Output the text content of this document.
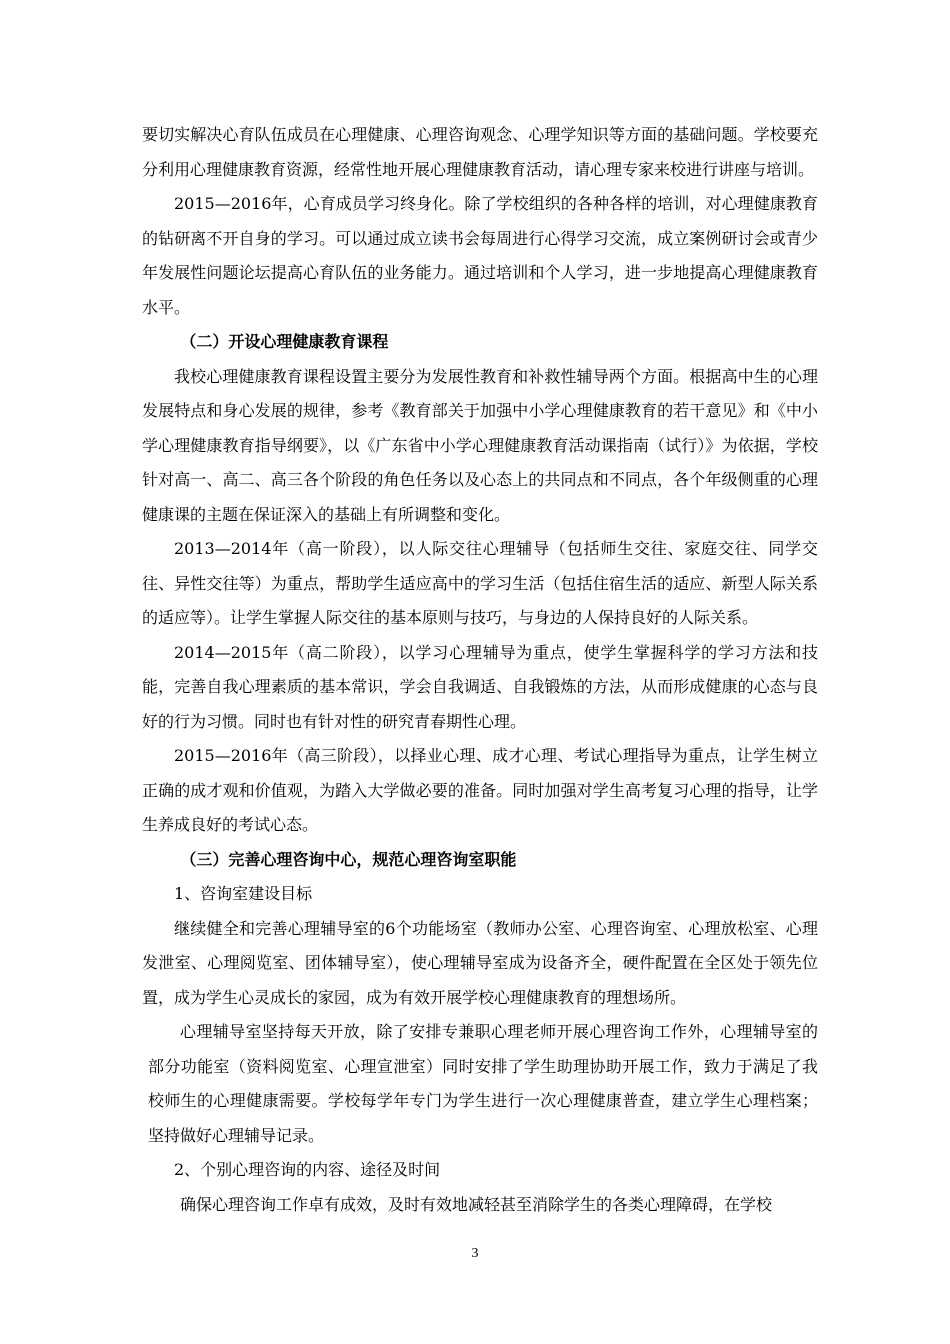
要切实解决心育队伍成员在心理健康、心理咨询观念、心理学知识等方面的基础问题。学校要充分利用心理健康教育资源，经常性地开展心理健康教育活动，请心理专家来校进行讲座与培训。

2015—2016年，心育成员学习终身化。除了学校组织的各种各样的培训，对心理健康教育的钻研离不开自身的学习。可以通过成立读书会每周进行心得学习交流，成立案例研讨会或青少年发展性问题论坛提高心育队伍的业务能力。通过培训和个人学习，进一步地提高心理健康教育水平。

（二）开设心理健康教育课程

我校心理健康教育课程设置主要分为发展性教育和补救性辅导两个方面。根据高中生的心理发展特点和身心发展的规律，参考《教育部关于加强中小学心理健康教育的若干意见》和《中小学心理健康教育指导纲要》，以《广东省中小学心理健康教育活动课指南（试行）》为依据，学校针对高一、高二、高三各个阶段的角色任务以及心态上的共同点和不同点，各个年级侧重的心理健康课的主题在保证深入的基础上有所调整和变化。

2013—2014年（高一阶段），以人际交往心理辅导（包括师生交往、家庭交往、同学交往、异性交往等）为重点，帮助学生适应高中的学习生活（包括住宿生活的适应、新型人际关系的适应等）。让学生掌握人际交往的基本原则与技巧，与身边的人保持良好的人际关系。

2014—2015年（高二阶段），以学习心理辅导为重点，使学生掌握科学的学习方法和技能，完善自我心理素质的基本常识，学会自我调适、自我锻炼的方法，从而形成健康的心态与良好的行为习惯。同时也有针对性的研究青春期性心理。

2015—2016年（高三阶段），以择业心理、成才心理、考试心理指导为重点，让学生树立正确的成才观和价值观，为踏入大学做必要的准备。同时加强对学生高考复习心理的指导，让学生养成良好的考试心态。

（三）完善心理咨询中心，规范心理咨询室职能

1、咨询室建设目标

继续健全和完善心理辅导室的6个功能场室（教师办公室、心理咨询室、心理放松室、心理发泄室、心理阅览室、团体辅导室），使心理辅导室成为设备齐全，硬件配置在全区处于领先位置，成为学生心灵成长的家园，成为有效开展学校心理健康教育的理想场所。

心理辅导室坚持每天开放，除了安排专兼职心理老师开展心理咨询工作外，心理辅导室的部分功能室（资料阅览室、心理宣泄室）同时安排了学生助理协助开展工作，致力于满足了我校师生的心理健康需要。学校每学年专门为学生进行一次心理健康普查，建立学生心理档案；坚持做好心理辅导记录。

2、个别心理咨询的内容、途径及时间

确保心理咨询工作卓有成效，及时有效地减轻甚至消除学生的各类心理障碍，在学校

3
